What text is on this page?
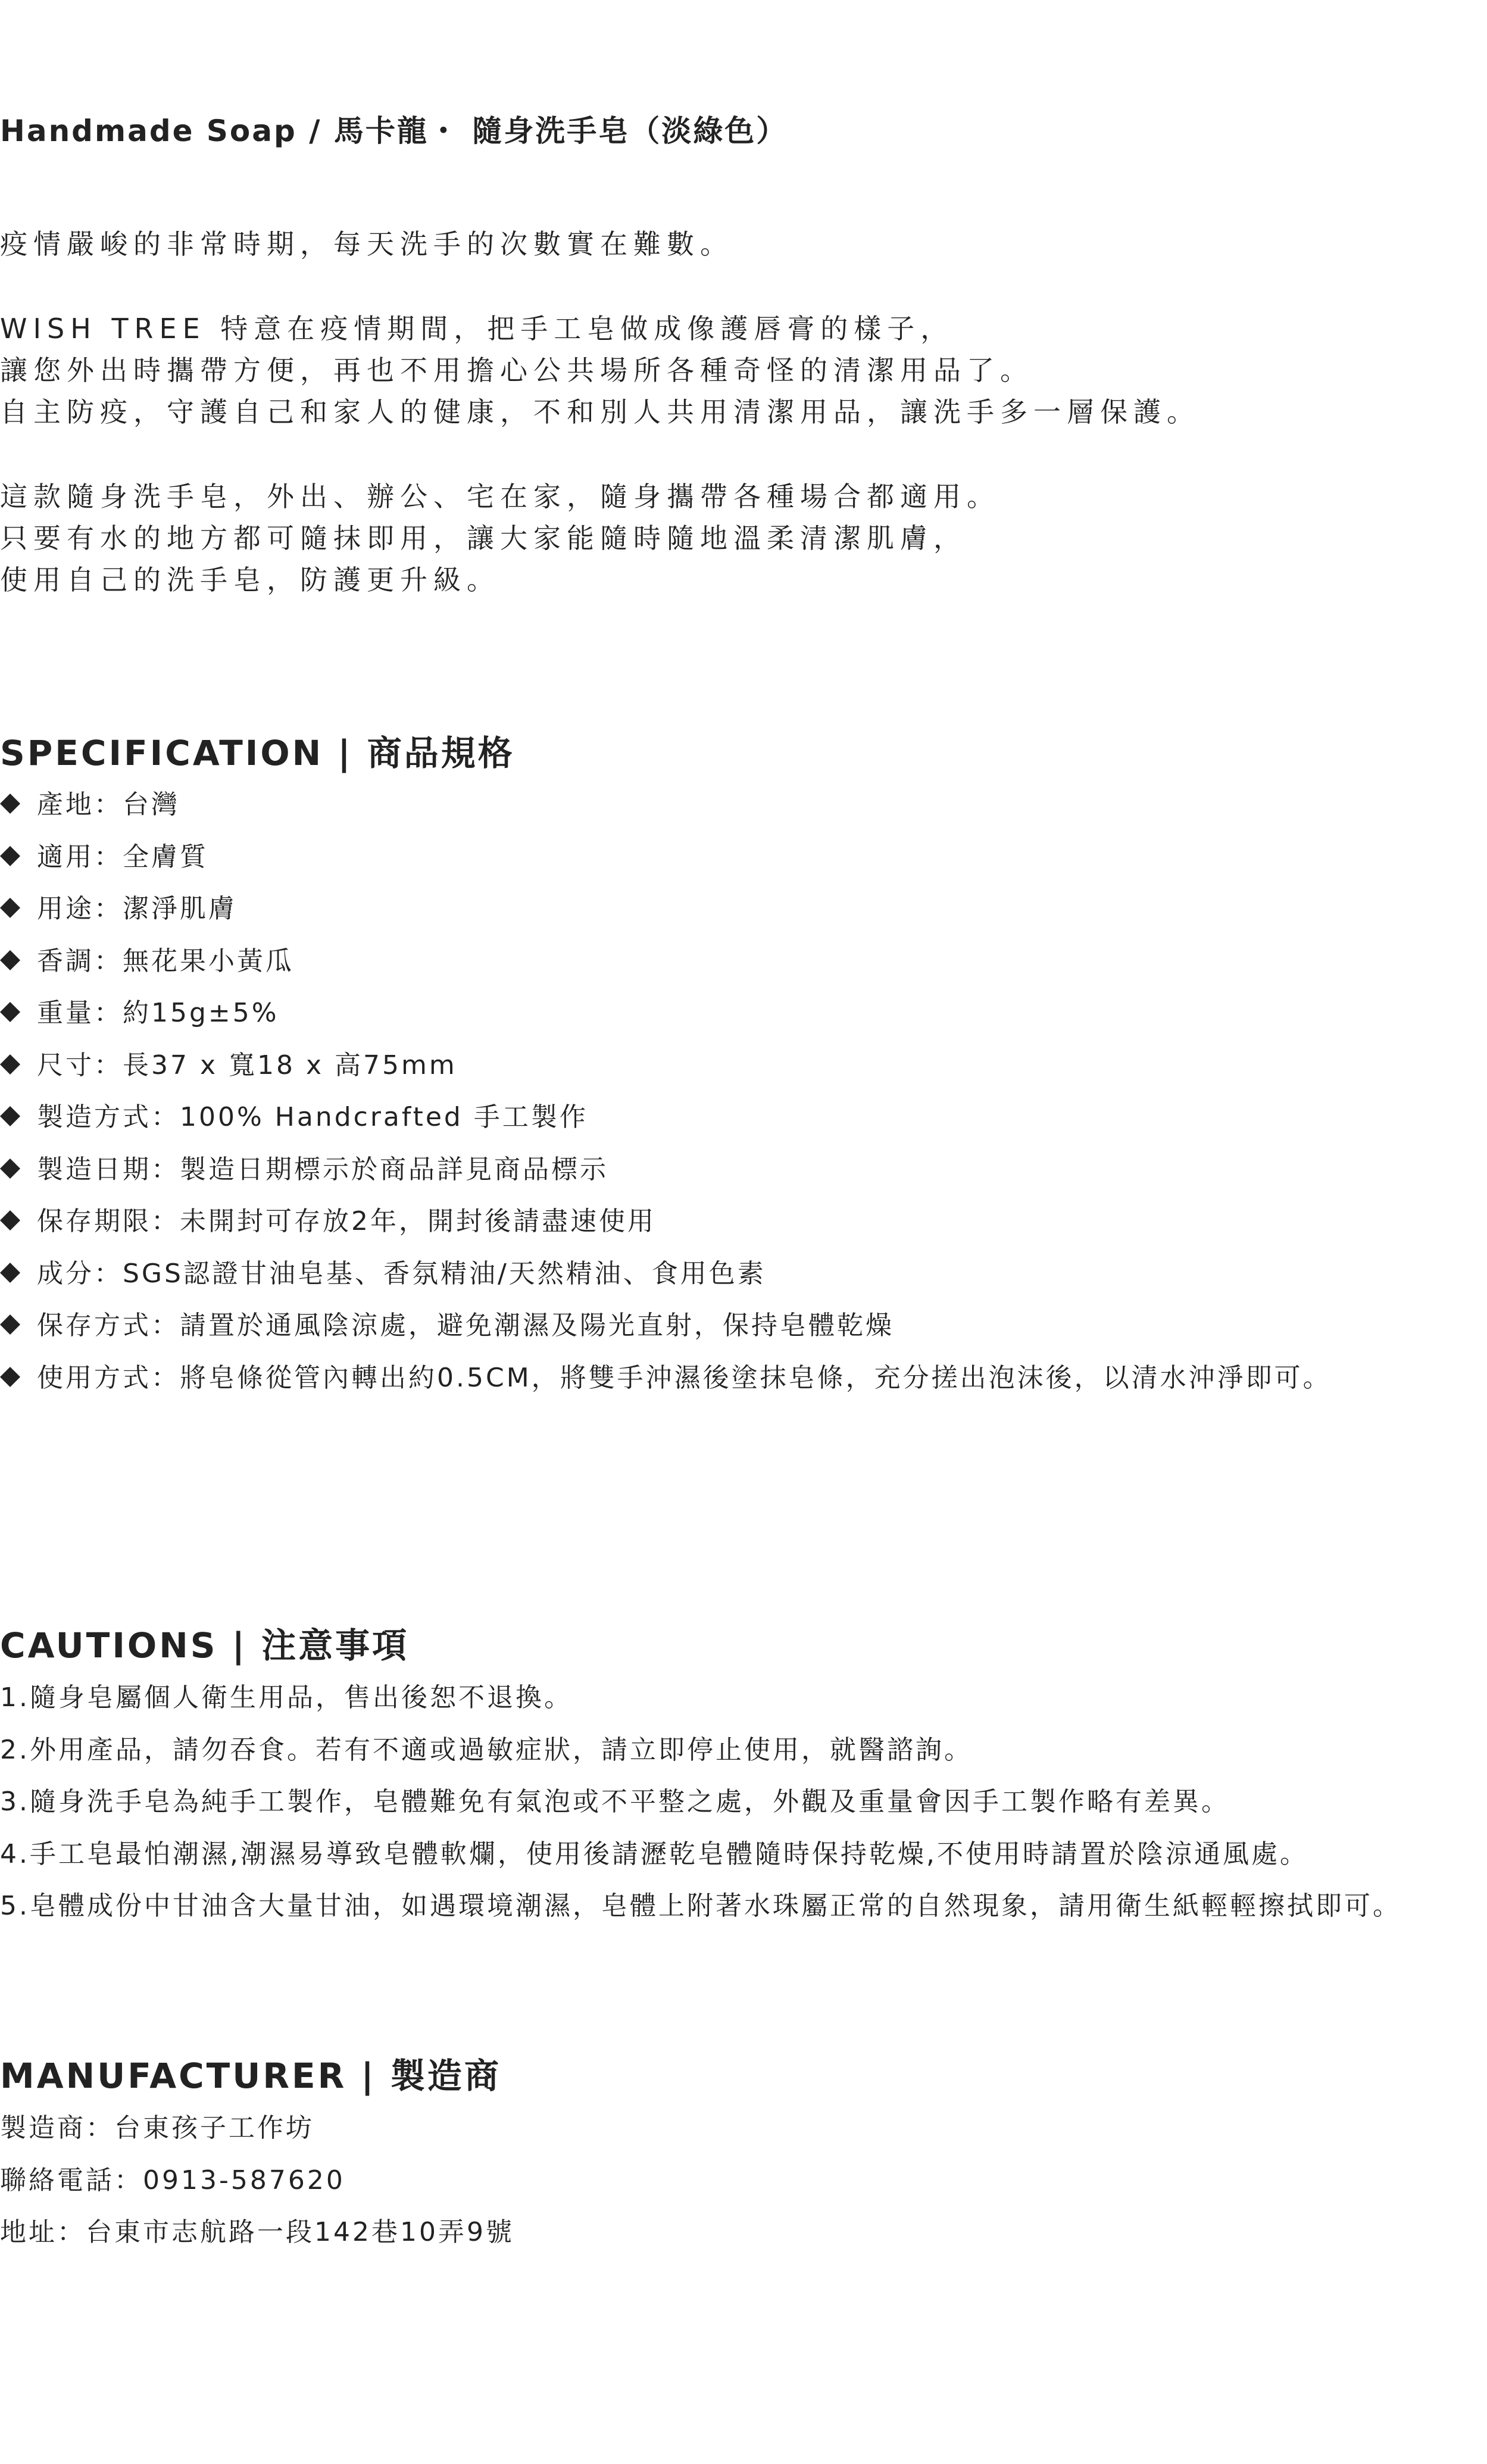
Handmade Soap / 馬卡龍・ 隨身洗手皂（淡綠色）
疫情嚴峻的非常時期，每天洗手的次數實在難數。
WISH TREE 特意在疫情期間，把手工皂做成像護唇膏的樣子，
讓您外出時攜帶方便，再也不用擔心公共場所各種奇怪的清潔用品了。
自主防疫，守護自己和家人的健康，不和別人共用清潔用品，讓洗手多一層保護。
這款隨身洗手皂，外出、辦公、宅在家，隨身攜帶各種場合都適用。
只要有水的地方都可隨抹即用，讓大家能隨時隨地溫柔清潔肌膚，
使用自己的洗手皂，防護更升級。
SPECIFICATION | 商品規格
產地：台灣
適用：全膚質
用途：潔淨肌膚
香調：無花果小黃瓜
重量：約15g±5%
尺寸：長37 x 寬18 x 高75mm
製造方式：100% Handcrafted 手工製作
製造日期：製造日期標示於商品詳見商品標示
保存期限：未開封可存放2年，開封後請盡速使用
成分：SGS認證甘油皂基、香氛精油/天然精油、食用色素
保存方式：請置於通風陰涼處，避免潮濕及陽光直射，保持皂體乾燥
使用方式：將皂條從管內轉出約0.5CM，將雙手沖濕後塗抹皂條，充分搓出泡沫後，以清水沖淨即可。
CAUTIONS | 注意事項
1.隨身皂屬個人衛生用品，售出後恕不退換。
2.外用產品，請勿吞食。若有不適或過敏症狀，請立即停止使用，就醫諮詢。
3.隨身洗手皂為純手工製作，皂體難免有氣泡或不平整之處，外觀及重量會因手工製作略有差異。
4.手工皂最怕潮濕,潮濕易導致皂體軟爛，使用後請瀝乾皂體隨時保持乾燥,不使用時請置於陰涼通風處。
5.皂體成份中甘油含大量甘油，如遇環境潮濕，皂體上附著水珠屬正常的自然現象，請用衛生紙輕輕擦拭即可。
MANUFACTURER | 製造商
製造商：台東孩子工作坊
聯絡電話：0913-587620
地址：台東市志航路一段142巷10弄9號
